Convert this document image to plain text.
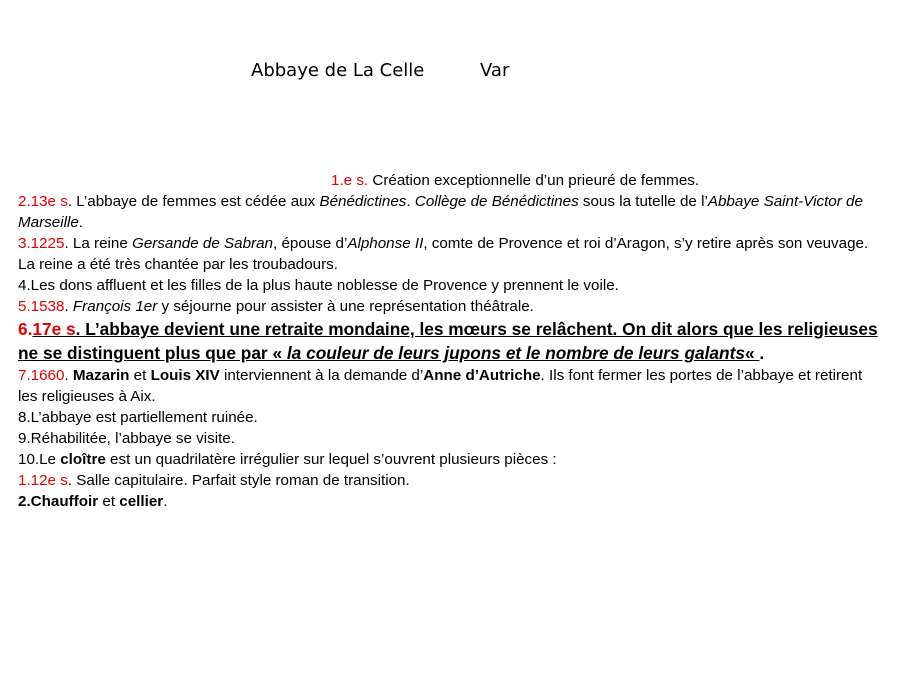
Abbaye de La Celle	Var

1.e s. Création exceptionnelle d’un prieuré de femmes.

2.13e s. L’abbaye de femmes est cédée aux Bénédictines. Collège de Bénédictines sous la tutelle de l’Abbaye Saint-Victor de Marseille.

3.1225. La reine Gersande de Sabran, épouse d’Alphonse II, comte de Provence et roi d’Aragon, s’y retire après son veuvage. La reine a été très chantée par les troubadours.

4.Les dons affluent et les filles de la plus haute noblesse de Provence y prennent le voile.

5.1538. François 1er y séjourne pour assister à une représentation théâtrale.

6.17e s. L’abbaye devient une retraite mondaine, les mœurs se relâchent. On dit alors que les religieuses ne se distinguent plus que par « la couleur de leurs jupons et le nombre de leurs galants« .

7.1660. Mazarin et Louis XIV interviennent à la demande d’Anne d’Autriche. Ils font fermer les portes de l’abbaye et retirent les religieuses à Aix.

8.L’abbaye est partiellement ruinée.

9.Réhabilitée, l’abbaye se visite.

10.Le cloître est un quadrilatère irrégulier sur lequel s’ouvrent plusieurs pièces :

1.12e s. Salle capitulaire. Parfait style roman de transition.

2.Chauffoir et cellier.
